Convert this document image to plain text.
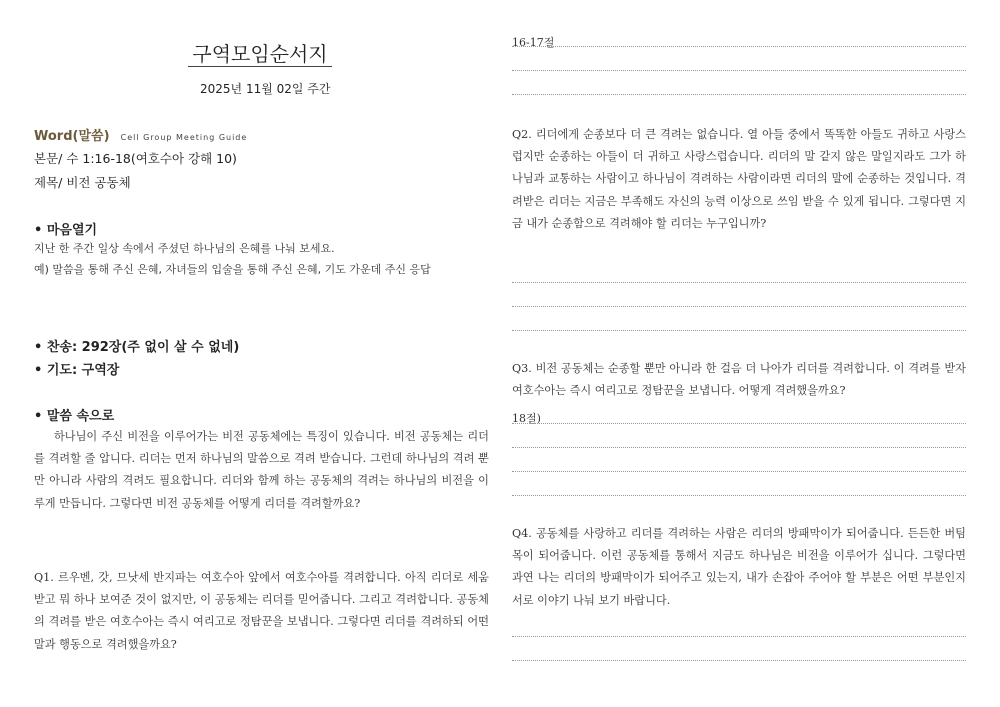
구역모임순서지
2025년 11월 02일 주간
Word(말씀) Cell Group Meeting Guide
본문/ 수 1:16-18(여호수아 강해 10)
제목/ 비전 공동체
• 마음열기
지난 한 주간 일상 속에서 주셨던 하나님의 은혜를 나눠 보세요.
예) 말씀을 통해 주신 은혜, 자녀들의 입술을 통해 주신 은혜, 기도 가운데 주신 응답
• 찬송: 292장(주 없이 살 수 없네)
• 기도: 구역장
• 말씀 속으로
하나님이 주신 비전을 이루어가는 비전 공동체에는 특징이 있습니다. 비전 공동체는 리더를 격려할 줄 압니다. 리더는 먼저 하나님의 말씀으로 격려 받습니다. 그런데 하나님의 격려 뿐만 아니라 사람의 격려도 필요합니다. 리더와 함께 하는 공동체의 격려는 하나님의 비전을 이루게 만듭니다. 그렇다면 비전 공동체를 어떻게 리더를 격려할까요?
Q1. 르우벤, 갓, 므낫세 반지파는 여호수아 앞에서 여호수아를 격려합니다. 아직 리더로 세움 받고 뭐 하나 보여준 것이 없지만, 이 공동체는 리더를 믿어줍니다. 그리고 격려합니다. 공동체의 격려를 받은 여호수아는 즉시 여리고로 정탐꾼을 보냅니다. 그렇다면 리더를 격려하되 어떤 말과 행동으로 격려했을까요?
16-17절
Q2. 리더에게 순종보다 더 큰 격려는 없습니다. 열 아들 중에서 똑똑한 아들도 귀하고 사랑스럽지만 순종하는 아들이 더 귀하고 사랑스럽습니다. 리더의 말 같지 않은 말일지라도 그가 하나님과 교통하는 사람이고 하나님이 격려하는 사람이라면 리더의 말에 순종하는 것입니다. 격려받은 리더는 지금은 부족해도 자신의 능력 이상으로 쓰임 받을 수 있게 됩니다. 그렇다면 지금 내가 순종함으로 격려해야 할 리더는 누구입니까?
Q3. 비전 공동체는 순종할 뿐만 아니라 한 걸음 더 나아가 리더를 격려합니다. 이 격려를 받자 여호수아는 즉시 여리고로 정탐꾼을 보냅니다. 어떻게 격려했을까요?
18절)
Q4. 공동체를 사랑하고 리더를 격려하는 사람은 리더의 방패막이가 되어줍니다. 든든한 버팀목이 되어줍니다. 이런 공동체를 통해서 지금도 하나님은 비전을 이루어가 십니다. 그렇다면 과연 나는 리더의 방패막이가 되어주고 있는지, 내가 손잡아 주어야 할 부분은 어떤 부분인지 서로 이야기 나눠 보기 바랍니다.
